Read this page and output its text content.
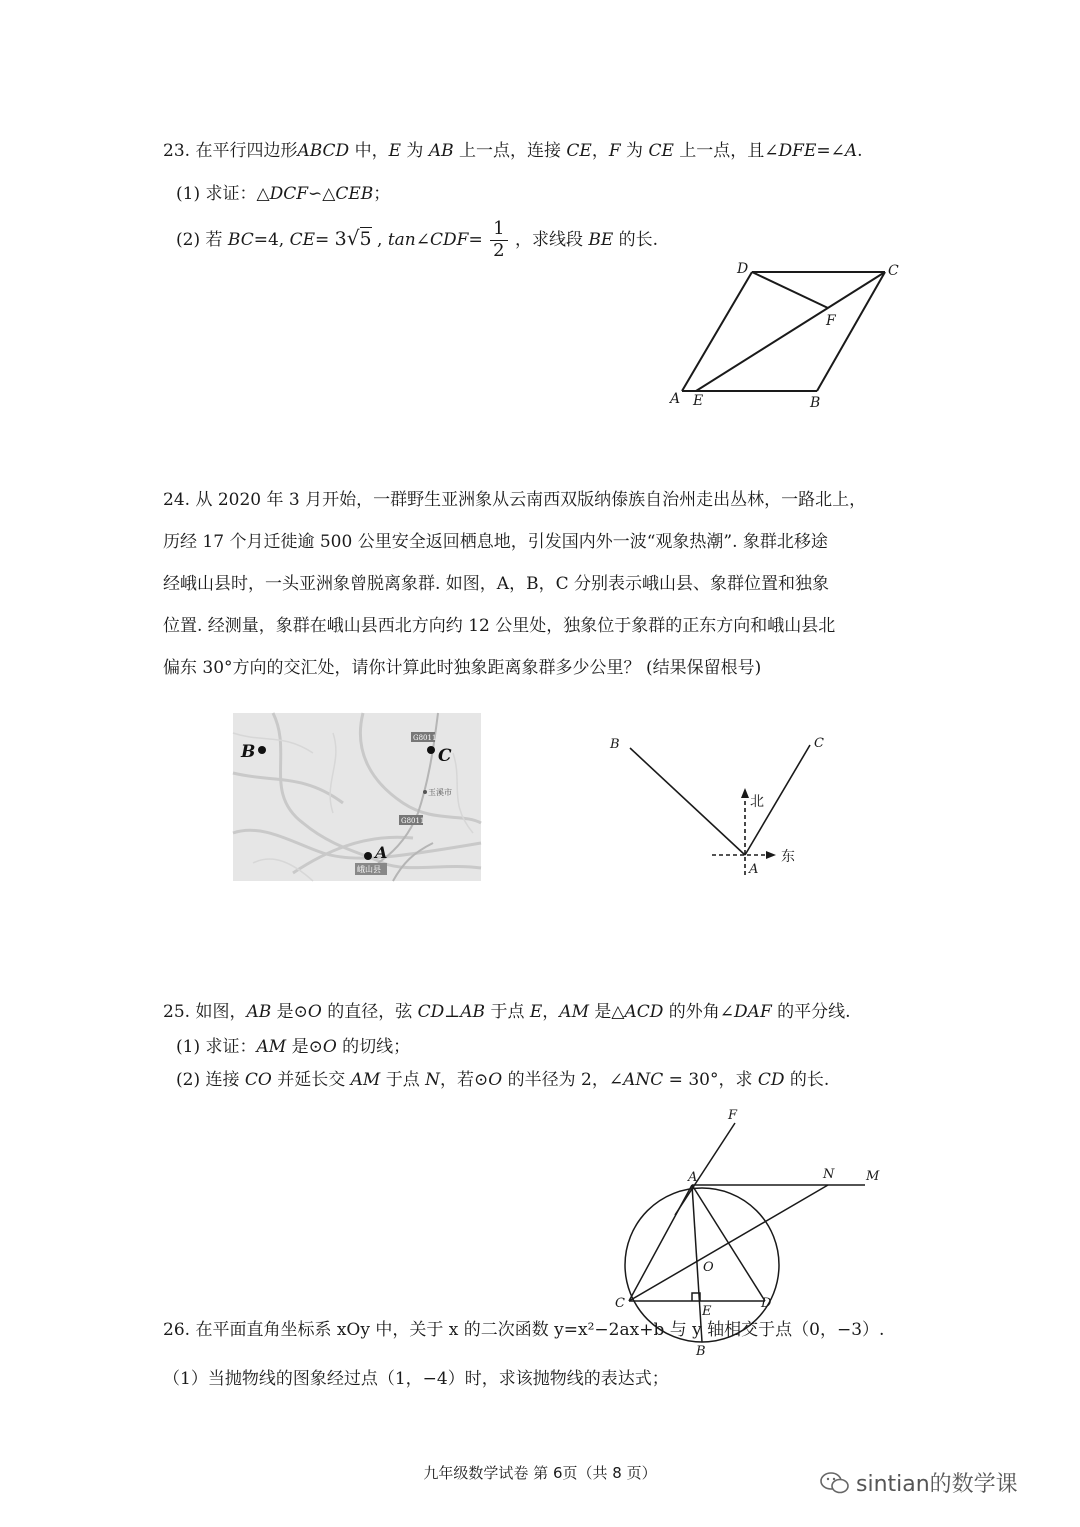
23. 在平行四边形ABCD 中，E 为 AB 上一点，连接 CE，F 为 CE 上一点，且∠DFE=∠A.
(1) 求证：△DCF∽△CEB；
(2) 若 BC=4, CE= 3√5 , tan∠CDF= $\frac{1}{2}$ ，求线段 BE 的长.
A E	B
C
D
F
24. 从 2020 年 3 月开始，一群野生亚洲象从云南西双版纳傣族自治州走出丛林，一路北上，
历经 17 个月迁徙逾 500 公里安全返回栖息地，引发国内外一波“观象热潮”. 象群北移途
经峨山县时，一头亚洲象曾脱离象群. 如图，A，B，C 分别表示峨山县、象群位置和独象
位置. 经测量，象群在峨山县西北方向约 12 公里处，独象位于象群的正东方向和峨山县北
偏东 30°方向的交汇处，请你计算此时独象距离象群多少公里？ (结果保留根号)
G8011
G8011
玉溪市
峨山县
B	C
A
B	C
A
北
东
25. 如图，AB 是⊙O 的直径，弦 CD⊥AB 于点 E，AM 是△ACD 的外角∠DAF 的平分线.
(1) 求证：AM 是⊙O 的切线；
(2) 连接 CO 并延长交 AM 于点 N，若⊙O 的半径为 2，∠ANC = 30°，求 CD 的长.
F
A	N M
O
C
E
D
B
26. 在平面直角坐标系 xOy 中，关于 x 的二次函数 y=x²−2ax+b 与 y 轴相交于点（0，−3）.
（1）当抛物线的图象经过点（1，−4）时，求该抛物线的表达式；
九年级数学试卷 第 6页（共 8 页）	sintian的数学课
